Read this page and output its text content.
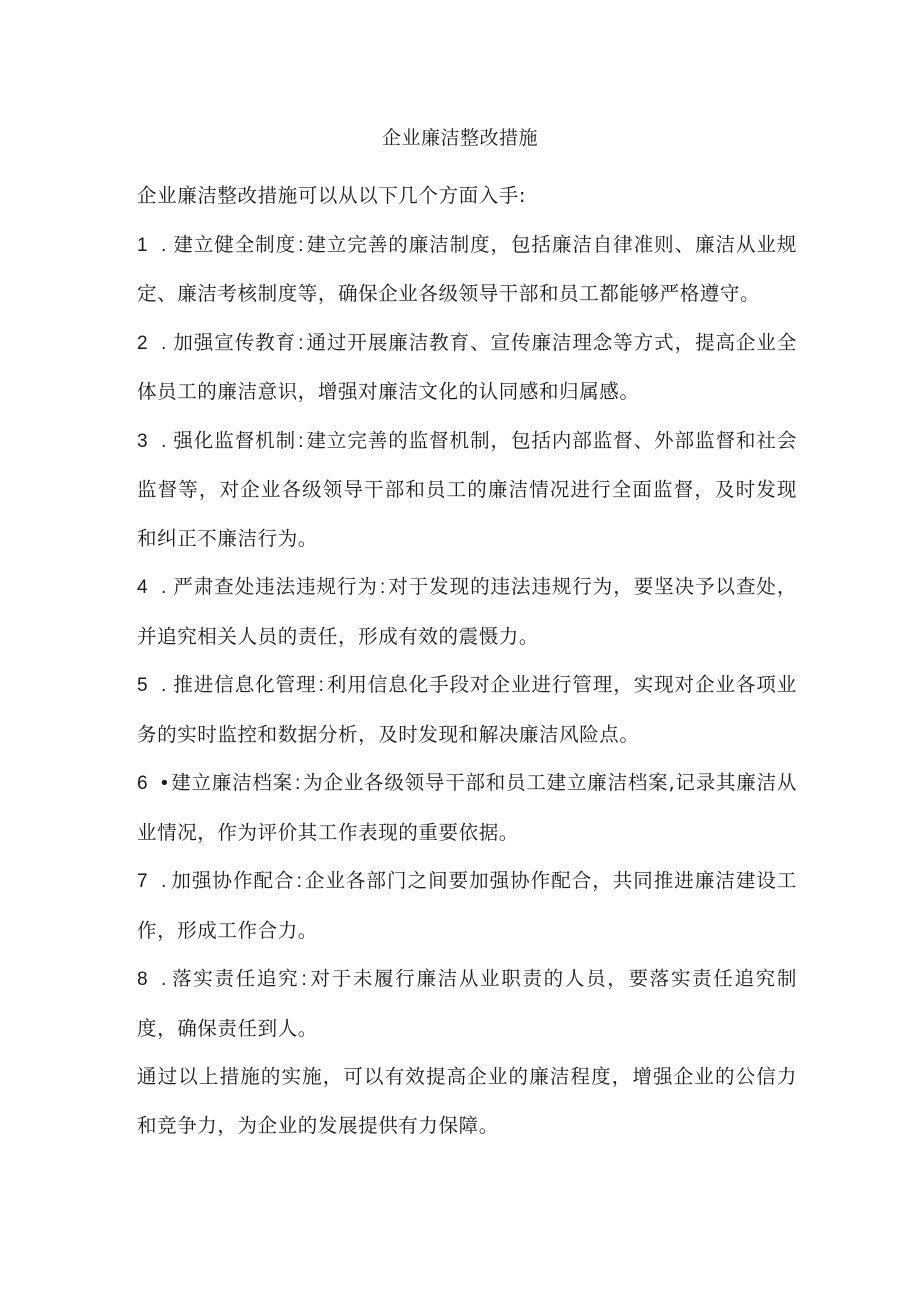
企业廉洁整改措施

企业廉洁整改措施可以从以下几个方面入手:

1 . 建立健全制度 : 建立完善的廉洁制度，包括廉洁自律准则、廉洁从业规定、廉洁考核制度等，确保企业各级领导干部和员工都能够严格遵守。

2 . 加强宣传教育 : 通过开展廉洁教育、宣传廉洁理念等方式，提高企业全体员工的廉洁意识，增强对廉洁文化的认同感和归属感。

3 . 强化监督机制 : 建立完善的监督机制，包括内部监督、外部监督和社会监督等，对企业各级领导干部和员工的廉洁情况进行全面监督，及时发现和纠正不廉洁行为。

4 . 严肃查处违法违规行为 : 对于发现的违法违规行为，要坚决予以查处，并追究相关人员的责任，形成有效的震慑力。

5 . 推进信息化管理 : 利用信息化手段对企业进行管理，实现对企业各项业务的实时监控和数据分析，及时发现和解决廉洁风险点。

6 • 建立廉洁档案 : 为企业各级领导干部和员工建立廉洁档案,记录其廉洁从业情况，作为评价其工作表现的重要依据。

7 . 加强协作配合 : 企业各部门之间要加强协作配合，共同推进廉洁建设工作，形成工作合力。

8 . 落实责任追究 : 对于未履行廉洁从业职责的人员，要落实责任追究制度，确保责任到人。

通过以上措施的实施，可以有效提高企业的廉洁程度，增强企业的公信力和竞争力，为企业的发展提供有力保障。
